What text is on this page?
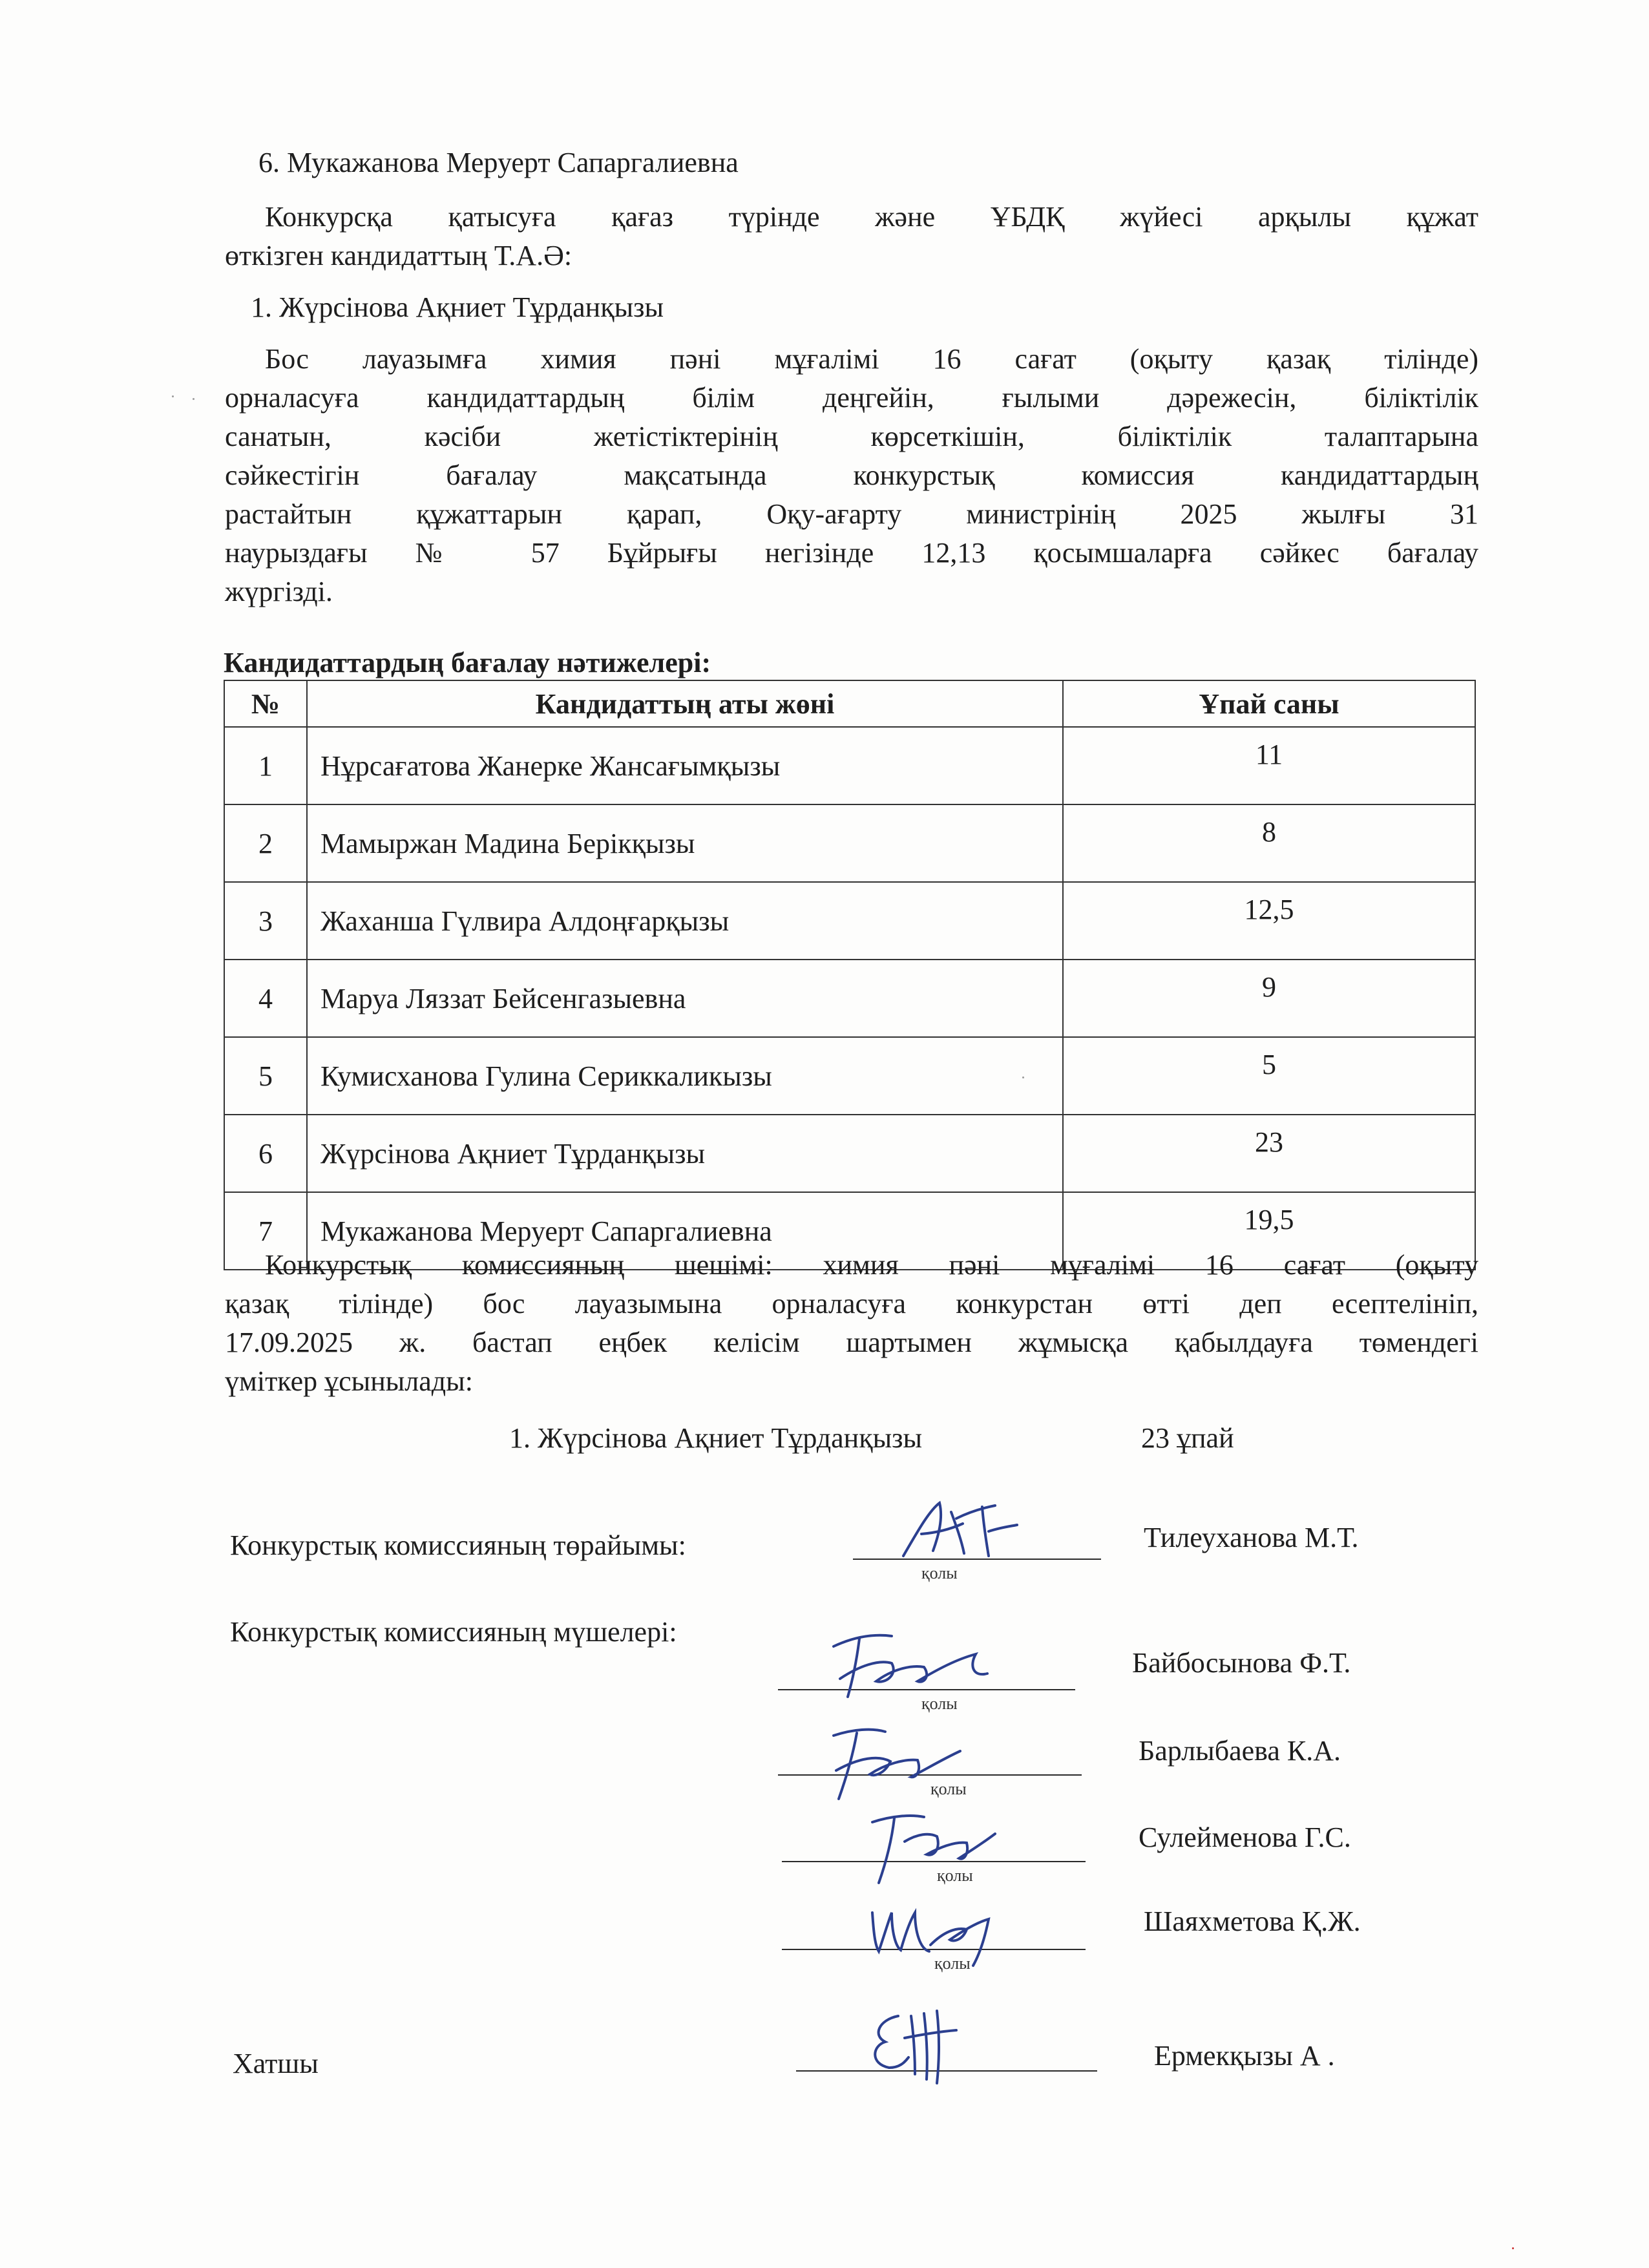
6. Мукажанова Меруерт Сапаргалиевна
Конкурсқа қатысуға қағаз түрінде және ҰБДҚ жүйесі арқылы құжат
өткізген кандидаттың Т.А.Ә:
1. Жүрсінова Ақниет Тұрданқызы
Бос лауазымға химия пәні мұғалімі 16 сағат (оқыту қазақ тілінде)
орналасуға кандидаттардың білім деңгейін, ғылыми дәрежесін, біліктілік
санатын, кәсіби жетістіктерінің көрсеткішін, біліктілік талаптарына
сәйкестігін бағалау мақсатында конкурстық комиссия кандидаттардың
растайтын құжаттарын қарап, Оқу-ағарту министрінің 2025 жылғы 31
наурыздағы № 57 Бұйрығы негізінде 12,13 қосымшаларға сәйкес бағалау
жүргізді.
Кандидаттардың бағалау нәтижелері:
№	Кандидаттың аты жөні	Ұпай саны
1	Нұрсағатова Жанерке Жансағымқызы	11
2	Мамыржан Мадина Берікқызы	8
3	Жаханша Гүлвира Алдоңғарқызы	12,5
4	Маруа Ляззат Бейсенгазыевна	9
5	Кумисханова Гулина Сериккаликызы	5
6	Жүрсінова Ақниет Тұрданқызы	23
7	Мукажанова Меруерт Сапаргалиевна	19,5
Конкурстық комиссияның шешімі: химия пәні мұғалімі 16 сағат (оқыту
қазақ тілінде) бос лауазымына орналасуға конкурстан өтті деп есептелініп,
17.09.2025 ж. бастап еңбек келісім шартымен жұмысқа қабылдауға төмендегі
үміткер ұсынылады:
1. Жүрсінова Ақниет Тұрданқызы	23 ұпай
Конкурстық комиссияның төрайымы:
қолы
Тилеуханова М.Т.
Конкурстық комиссияның мүшелері:
қолы
Байбосынова Ф.Т.
қолы
Барлыбаева К.А.
қолы
Сулейменова Г.С.
қолы
Шаяхметова Қ.Ж.
Хатшы	Ермекқызы А .
